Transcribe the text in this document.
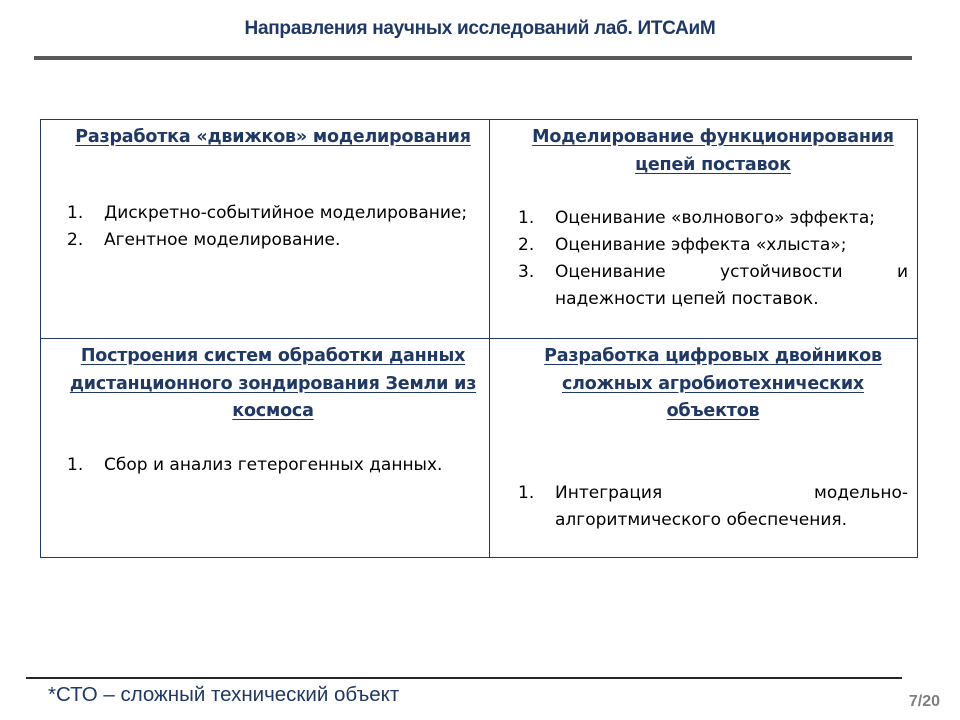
Направления научных исследований лаб. ИТСАиМ
Разработка «движков» моделирования
1. Дискретно-событийное моделирование;
2. Агентное моделирование.
Моделирование функционирования цепей поставок
1. Оценивание «волнового» эффекта;
2. Оценивание эффекта «хлыста»;
3. Оценивание устойчивости и надежности цепей поставок.
Построения систем обработки данных дистанционного зондирования Земли из космоса
1. Сбор и анализ гетерогенных данных.
Разработка цифровых двойников сложных агробиотехнических объектов
1. Интеграция модельно-алгоритмического обеспечения.
*СТО – сложный технический объект	7/20
